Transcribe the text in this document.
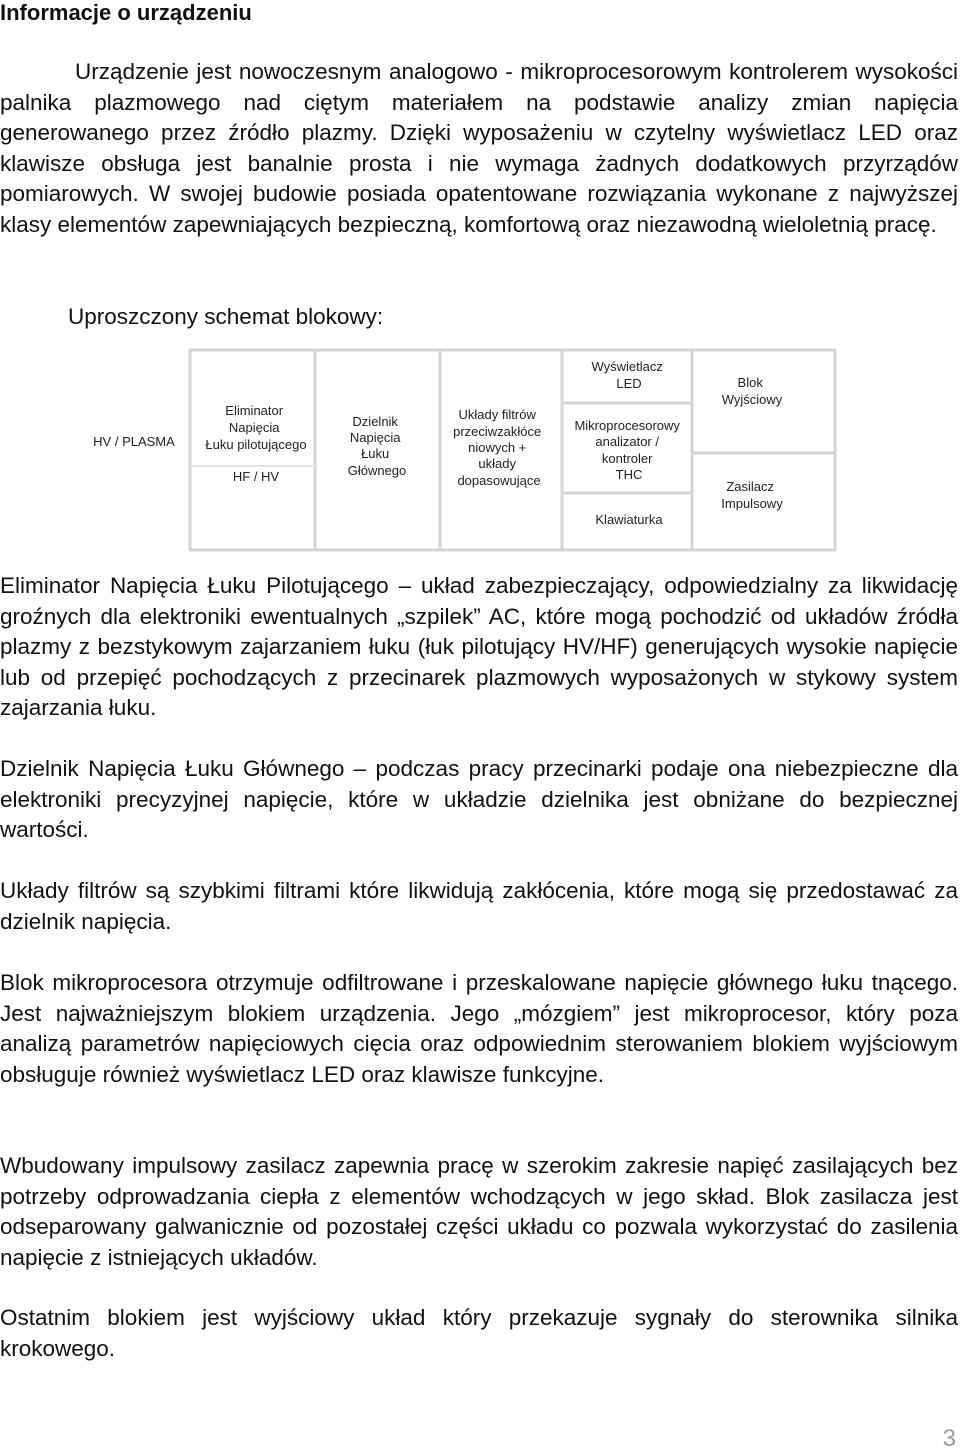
Informacje o urządzeniu

Urządzenie jest nowoczesnym analogowo - mikroprocesorowym kontrolerem wysokości palnika plazmowego nad ciętym materiałem na podstawie analizy zmian napięcia generowanego przez źródło plazmy. Dzięki wyposażeniu w czytelny wyświetlacz LED oraz klawisze obsługa jest banalnie prosta i nie wymaga żadnych dodatkowych przyrządów pomiarowych. W swojej budowie posiada opatentowane rozwiązania wykonane z najwyższej klasy elementów zapewniających bezpieczną, komfortową oraz niezawodną wieloletnią pracę.

Uproszczony schemat blokowy:

HV / PLASMA
Eliminator Napięcia Łuku pilotującego
HF / HV
Dzielnik Napięcia Łuku Głównego
Układy filtrów przeciwzakłóce niowych + układy dopasowujące
Wyświetlacz LED
Mikroprocesorowy analizator / kontroler THC
Klawiaturka
Blok Wyjściowy
Zasilacz Impulsowy

Eliminator Napięcia Łuku Pilotującego – układ zabezpieczający, odpowiedzialny za likwidację groźnych dla elektroniki ewentualnych „szpilek” AC, które mogą pochodzić od układów źródła plazmy z bezstykowym zajarzaniem łuku (łuk pilotujący HV/HF) generujących wysokie napięcie lub od przepięć pochodzących z przecinarek plazmowych wyposażonych w stykowy system zajarzania łuku.

Dzielnik Napięcia Łuku Głównego – podczas pracy przecinarki podaje ona niebezpieczne dla elektroniki precyzyjnej napięcie, które w układzie dzielnika jest obniżane do bezpiecznej wartości.

Układy filtrów są szybkimi filtrami które likwidują zakłócenia, które mogą się przedostawać za dzielnik napięcia.

Blok mikroprocesora otrzymuje odfiltrowane i przeskalowane napięcie głównego łuku tnącego. Jest najważniejszym blokiem urządzenia. Jego „mózgiem” jest mikroprocesor, który poza analizą parametrów napięciowych cięcia oraz odpowiednim sterowaniem blokiem wyjściowym obsługuje również wyświetlacz LED oraz klawisze funkcyjne.

Wbudowany impulsowy zasilacz zapewnia pracę w szerokim zakresie napięć zasilających bez potrzeby odprowadzania ciepła z elementów wchodzących w jego skład. Blok zasilacza jest odseparowany galwanicznie od pozostałej części układu co pozwala wykorzystać do zasilenia napięcie z istniejących układów.

Ostatnim blokiem jest wyjściowy układ który przekazuje sygnały do sterownika silnika krokowego.

3
